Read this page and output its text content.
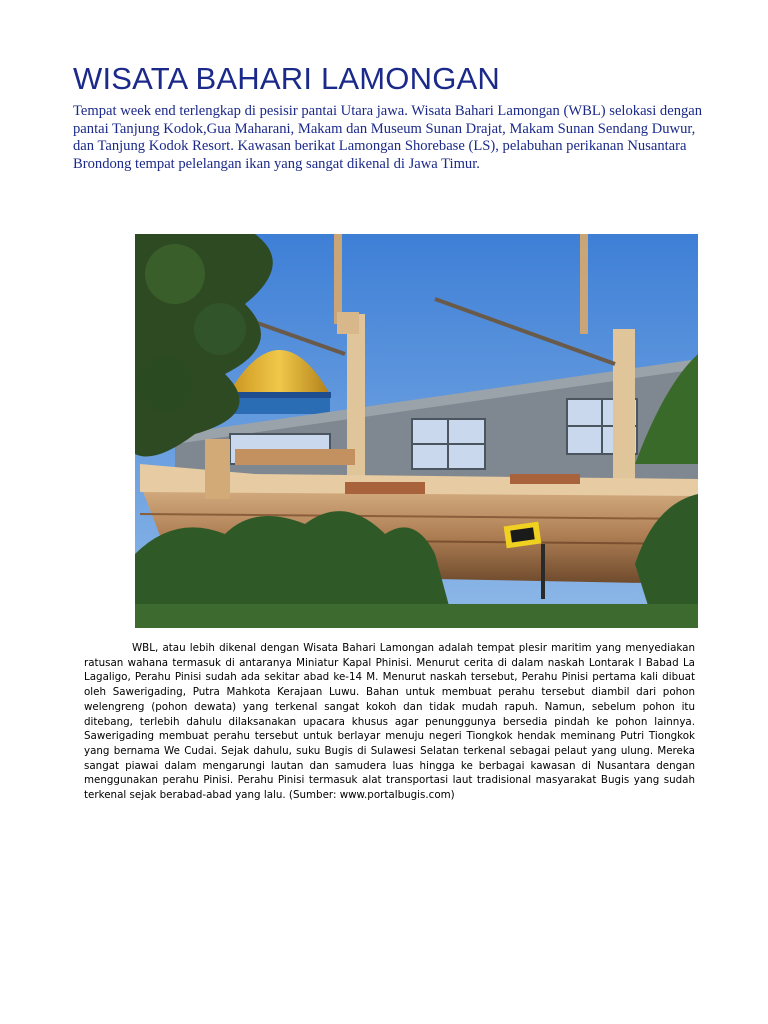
WISATA BAHARI LAMONGAN

Tempat week end terlengkap di pesisir pantai Utara jawa. Wisata Bahari Lamongan (WBL) selokasi dengan pantai Tanjung Kodok,Gua Maharani, Makam dan Museum Sunan Drajat, Makam Sunan Sendang Duwur, dan Tanjung Kodok Resort. Kawasan berikat Lamongan Shorebase (LS), pelabuhan perikanan Nusantara Brondong tempat pelelangan ikan yang sangat dikenal di Jawa Timur.

WBL, atau lebih dikenal dengan Wisata Bahari Lamongan adalah tempat plesir maritim yang menyediakan ratusan wahana termasuk di antaranya Miniatur Kapal Phinisi. Menurut cerita di dalam naskah Lontarak I Babad La Lagaligo, Perahu Pinisi sudah ada sekitar abad ke-14 M. Menurut naskah tersebut, Perahu Pinisi pertama kali dibuat oleh Sawerigading, Putra Mahkota Kerajaan Luwu. Bahan untuk membuat perahu tersebut diambil dari pohon welengreng (pohon dewata) yang terkenal sangat kokoh dan tidak mudah rapuh. Namun, sebelum pohon itu ditebang, terlebih dahulu dilaksanakan upacara khusus agar penunggunya bersedia pindah ke pohon lainnya. Sawerigading membuat perahu tersebut untuk berlayar menuju negeri Tiongkok hendak meminang Putri Tiongkok yang bernama We Cudai. Sejak dahulu, suku Bugis di Sulawesi Selatan terkenal sebagai pelaut yang ulung. Mereka sangat piawai dalam mengarungi lautan dan samudera luas hingga ke berbagai kawasan di Nusantara dengan menggunakan perahu Pinisi. Perahu Pinisi termasuk alat transportasi laut tradisional masyarakat Bugis yang sudah terkenal sejak berabad-abad yang lalu. (Sumber: www.portalbugis.com)
